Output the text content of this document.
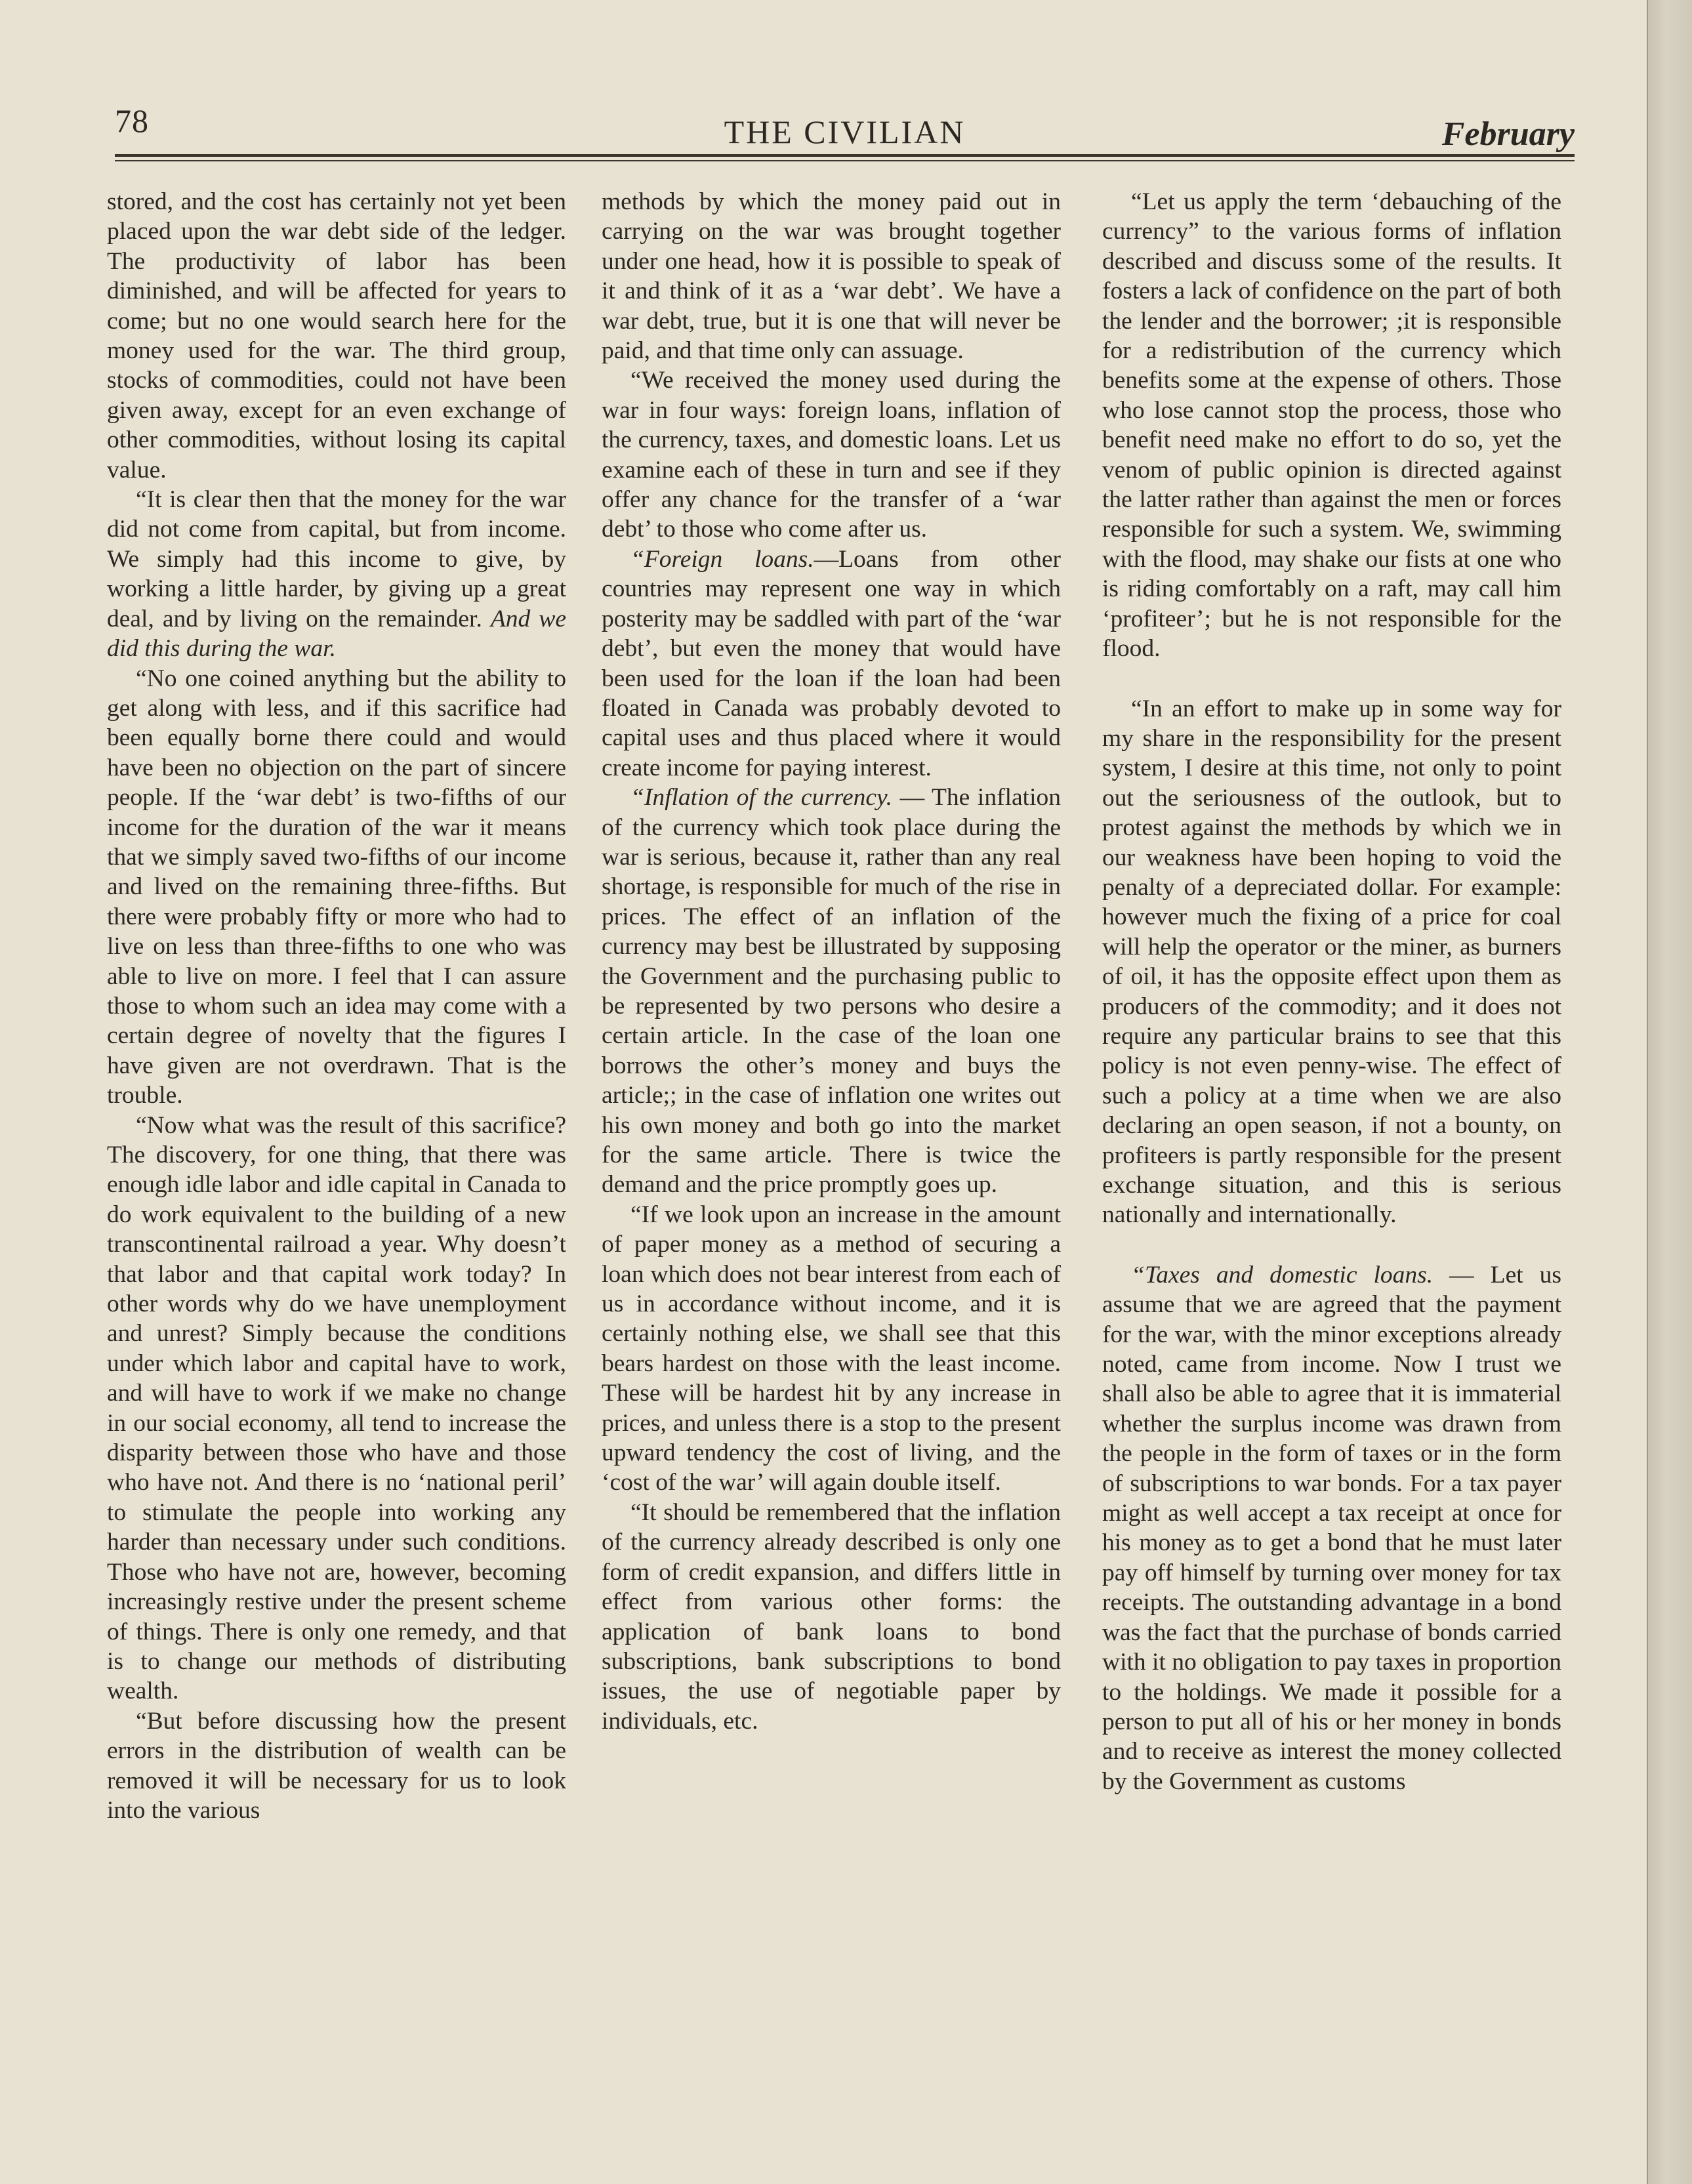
78	THE CIVILIAN	February

stored, and the cost has certainly not yet been placed upon the war debt side of the ledger. The productivity of labor has been diminished, and will be affected for years to come; but no one would search here for the money used for the war. The third group, stocks of commodities, could not have been given away, except for an even exchange of other commodities, without losing its capital value.

“It is clear then that the money for the war did not come from capital, but from income. We simply had this income to give, by working a little harder, by giving up a great deal, and by living on the remainder. And we did this during the war.

“No one coined anything but the ability to get along with less, and if this sacrifice had been equally borne there could and would have been no objection on the part of sincere people. If the ‘war debt’ is two-fifths of our income for the duration of the war it means that we simply saved two-fifths of our income and lived on the remaining three-fifths. But there were probably fifty or more who had to live on less than three-fifths to one who was able to live on more. I feel that I can assure those to whom such an idea may come with a certain degree of novelty that the figures I have given are not overdrawn. That is the trouble.

“Now what was the result of this sacrifice? The discovery, for one thing, that there was enough idle labor and idle capital in Canada to do work equivalent to the building of a new transcontinental railroad a year. Why doesn’t that labor and that capital work today? In other words why do we have unemployment and unrest? Simply because the conditions under which labor and capital have to work, and will have to work if we make no change in our social economy, all tend to increase the disparity between those who have and those who have not. And there is no ‘national peril’ to stimulate the people into working any harder than necessary under such conditions. Those who have not are, however, becoming increasingly restive under the present scheme of things. There is only one remedy, and that is to change our methods of distributing wealth.

“But before discussing how the present errors in the distribution of wealth can be removed it will be necessary for us to look into the various

methods by which the money paid out in carrying on the war was brought together under one head, how it is possible to speak of it and think of it as a ‘war debt’. We have a war debt, true, but it is one that will never be paid, and that time only can assuage.

“We received the money used during the war in four ways: foreign loans, inflation of the currency, taxes, and domestic loans. Let us examine each of these in turn and see if they offer any chance for the transfer of a ‘war debt’ to those who come after us.

“Foreign loans.—Loans from other countries may represent one way in which posterity may be saddled with part of the ‘war debt’, but even the money that would have been used for the loan if the loan had been floated in Canada was probably devoted to capital uses and thus placed where it would create income for paying interest.

“Inflation of the currency. — The inflation of the currency which took place during the war is serious, because it, rather than any real shortage, is responsible for much of the rise in prices. The effect of an inflation of the currency may best be illustrated by supposing the Government and the purchasing public to be represented by two persons who desire a certain article. In the case of the loan one borrows the other’s money and buys the article;; in the case of inflation one writes out his own money and both go into the market for the same article. There is twice the demand and the price promptly goes up.

“If we look upon an increase in the amount of paper money as a method of securing a loan which does not bear interest from each of us in accordance without income, and it is certainly nothing else, we shall see that this bears hardest on those with the least income. These will be hardest hit by any increase in prices, and unless there is a stop to the present upward tendency the cost of living, and the ‘cost of the war’ will again double itself.

“It should be remembered that the inflation of the currency already described is only one form of credit expansion, and differs little in effect from various other forms: the application of bank loans to bond subscriptions, bank subscriptions to bond issues, the use of negotiable paper by individuals, etc.

“Let us apply the term ‘debauching of the currency” to the various forms of inflation described and discuss some of the results. It fosters a lack of confidence on the part of both the lender and the borrower; ;it is responsible for a redistribution of the currency which benefits some at the expense of others. Those who lose cannot stop the process, those who benefit need make no effort to do so, yet the venom of public opinion is directed against the latter rather than against the men or forces responsible for such a system. We, swimming with the flood, may shake our fists at one who is riding comfortably on a raft, may call him ‘profiteer’; but he is not responsible for the flood.

“In an effort to make up in some way for my share in the responsibility for the present system, I desire at this time, not only to point out the seriousness of the outlook, but to protest against the methods by which we in our weakness have been hoping to void the penalty of a depreciated dollar. For example: however much the fixing of a price for coal will help the operator or the miner, as burners of oil, it has the opposite effect upon them as producers of the commodity; and it does not require any particular brains to see that this policy is not even penny-wise. The effect of such a policy at a time when we are also declaring an open season, if not a bounty, on profiteers is partly responsible for the present exchange situation, and this is serious nationally and internationally.

“Taxes and domestic loans. — Let us assume that we are agreed that the payment for the war, with the minor exceptions already noted, came from income. Now I trust we shall also be able to agree that it is immaterial whether the surplus income was drawn from the people in the form of taxes or in the form of subscriptions to war bonds. For a tax payer might as well accept a tax receipt at once for his money as to get a bond that he must later pay off himself by turning over money for tax receipts. The outstanding advantage in a bond was the fact that the purchase of bonds carried with it no obligation to pay taxes in proportion to the holdings. We made it possible for a person to put all of his or her money in bonds and to receive as interest the money collected by the Government as customs
